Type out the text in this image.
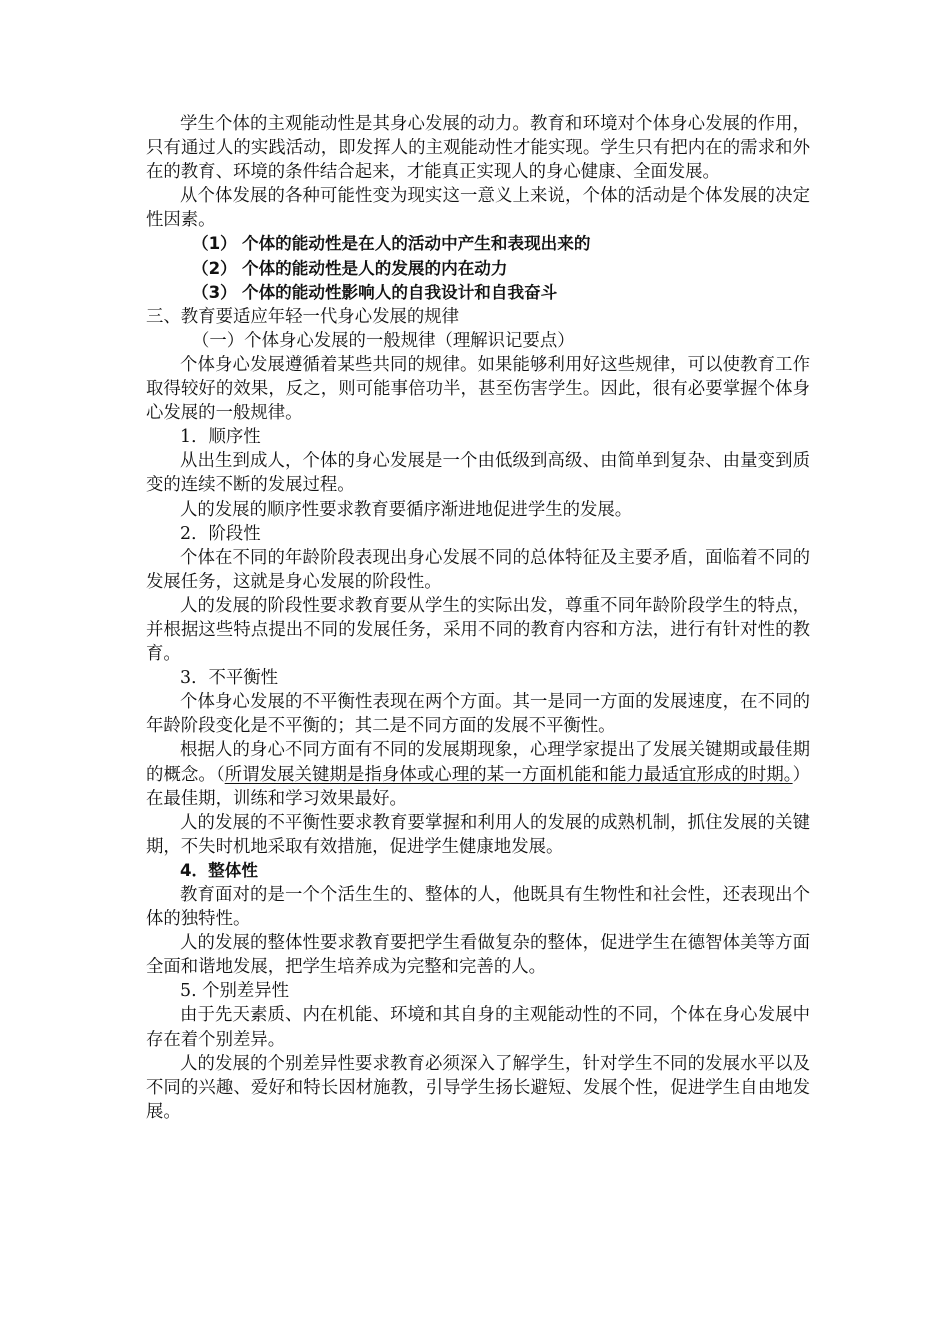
学生个体的主观能动性是其身心发展的动力。教育和环境对个体身心发展的作用，只有通过人的实践活动，即发挥人的主观能动性才能实现。学生只有把内在的需求和外在的教育、环境的条件结合起来，才能真正实现人的身心健康、全面发展。

从个体发展的各种可能性变为现实这一意义上来说，个体的活动是个体发展的决定性因素。

（1） 个体的能动性是在人的活动中产生和表现出来的

（2） 个体的能动性是人的发展的内在动力

（3） 个体的能动性影响人的自我设计和自我奋斗

三、教育要适应年轻一代身心发展的规律

（一）个体身心发展的一般规律（理解识记要点）

个体身心发展遵循着某些共同的规律。如果能够利用好这些规律，可以使教育工作取得较好的效果，反之，则可能事倍功半，甚至伤害学生。因此，很有必要掌握个体身心发展的一般规律。

1．顺序性

从出生到成人，个体的身心发展是一个由低级到高级、由简单到复杂、由量变到质变的连续不断的发展过程。

人的发展的顺序性要求教育要循序渐进地促进学生的发展。

2．阶段性

个体在不同的年龄阶段表现出身心发展不同的总体特征及主要矛盾，面临着不同的发展任务，这就是身心发展的阶段性。

人的发展的阶段性要求教育要从学生的实际出发，尊重不同年龄阶段学生的特点，并根据这些特点提出不同的发展任务，采用不同的教育内容和方法，进行有针对性的教育。

3．不平衡性

个体身心发展的不平衡性表现在两个方面。其一是同一方面的发展速度，在不同的年龄阶段变化是不平衡的；其二是不同方面的发展不平衡性。

根据人的身心不同方面有不同的发展期现象，心理学家提出了发展关键期或最佳期的概念。（所谓发展关键期是指身体或心理的某一方面机能和能力最适宜形成的时期。）在最佳期，训练和学习效果最好。

人的发展的不平衡性要求教育要掌握和利用人的发展的成熟机制，抓住发展的关键期，不失时机地采取有效措施，促进学生健康地发展。

4．整体性

教育面对的是一个个活生生的、整体的人，他既具有生物性和社会性，还表现出个体的独特性。

人的发展的整体性要求教育要把学生看做复杂的整体，促进学生在德智体美等方面全面和谐地发展，把学生培养成为完整和完善的人。

5. 个别差异性

由于先天素质、内在机能、环境和其自身的主观能动性的不同，个体在身心发展中存在着个别差异。

人的发展的个别差异性要求教育必须深入了解学生，针对学生不同的发展水平以及不同的兴趣、爱好和特长因材施教，引导学生扬长避短、发展个性，促进学生自由地发展。
